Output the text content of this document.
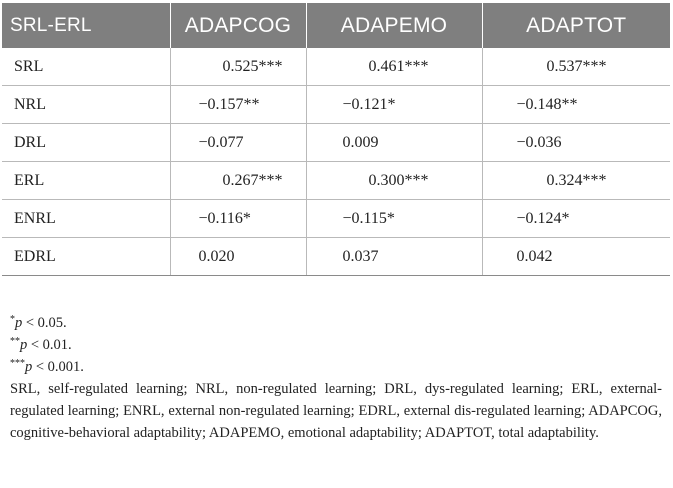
SRL-ERL	ADAPCOG	ADAPEMO	ADAPTOT
SRL	0.525***	0.461***	0.537***
NRL	−0.157**	−0.121*	−0.148**
DRL	−0.077	0.009	−0.036
ERL	0.267***	0.300***	0.324***
ENRL	−0.116*	−0.115*	−0.124*
EDRL	0.020	0.037	0.042

*p < 0.05.

**p < 0.01.

***p < 0.001.

SRL, self-regulated learning; NRL, non-regulated learning; DRL, dys-regulated learning; ERL, external-regulated learning; ENRL, external non-regulated learning; EDRL, external dis-regulated learning; ADAPCOG, cognitive-behavioral adaptability; ADAPEMO, emotional adaptability; ADAPTOT, total adaptability.
